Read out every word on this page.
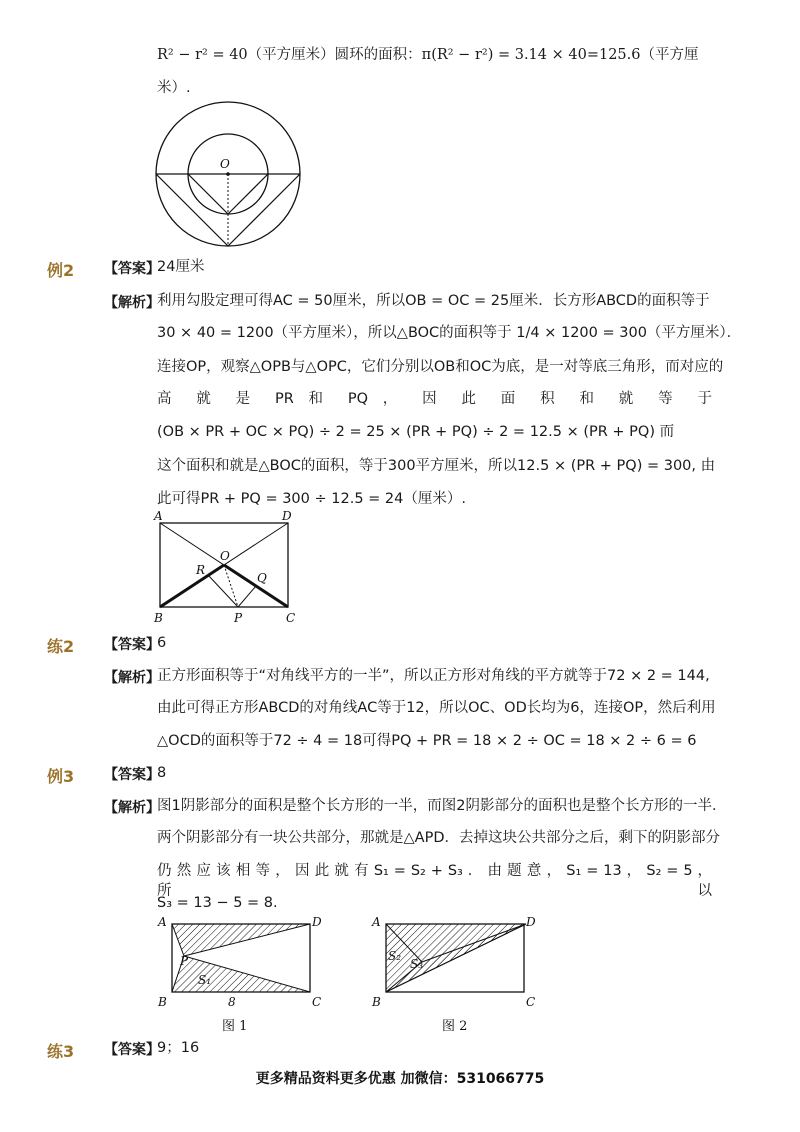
R² − r² = 40（平方厘米）圆环的面积：π(R² − r²) = 3.14 × 40=125.6（平方厘
米）.
O
例2 【答案】
24厘米
【解析】
利用勾股定理可得AC = 50厘米，所以OB = OC = 25厘米．长方形ABCD的面积等于
30 × 40 = 1200（平方厘米），所以△BOC的面积等于 1/4 × 1200 = 300（平方厘米）．
连接OP，观察△OPB与△OPC，它们分别以OB和OC为底，是一对等底三角形，而对应的
高 就 是 PR 和 PQ ， 因 此 面 积 和 就 等 于
(OB × PR + OC × PQ) ÷ 2 = 25 × (PR + PQ) ÷ 2 = 12.5 × (PR + PQ) 而
这个面积和就是△BOC的面积，等于300平方厘米，所以12.5 × (PR + PQ) = 300, 由
此可得PR + PQ = 300 ÷ 12.5 = 24（厘米）.
A	D
B	C
O
R
Q
P
练2 【答案】
6
【解析】
正方形面积等于“对角线平方的一半”，所以正方形对角线的平方就等于72 × 2 = 144,
由此可得正方形ABCD的对角线AC等于12，所以OC、OD长均为6，连接OP，然后利用
△OCD的面积等于72 ÷ 4 = 18可得PQ + PR = 18 × 2 ÷ OC = 18 × 2 ÷ 6 = 6
例3 【答案】
8
【解析】
图1阴影部分的面积是整个长方形的一半，而图2阴影部分的面积也是整个长方形的一半．
两个阴影部分有一块公共部分，那就是△APD．去掉这块公共部分之后，剩下的阴影部分
仍 然 应 该 相 等 ， 因 此 就 有 S₁ = S₂ + S₃ ． 由 题 意 ， S₁ = 13 ， S₂ = 5 ， 所 以
S₃ = 13 − 5 = 8.
A	D
B	C
P
S₁
8
图 1
A	D
B	C
S₂
S₃
图 2
练3 【答案】
9；16
更多精品资料更多优惠 加微信：531066775
